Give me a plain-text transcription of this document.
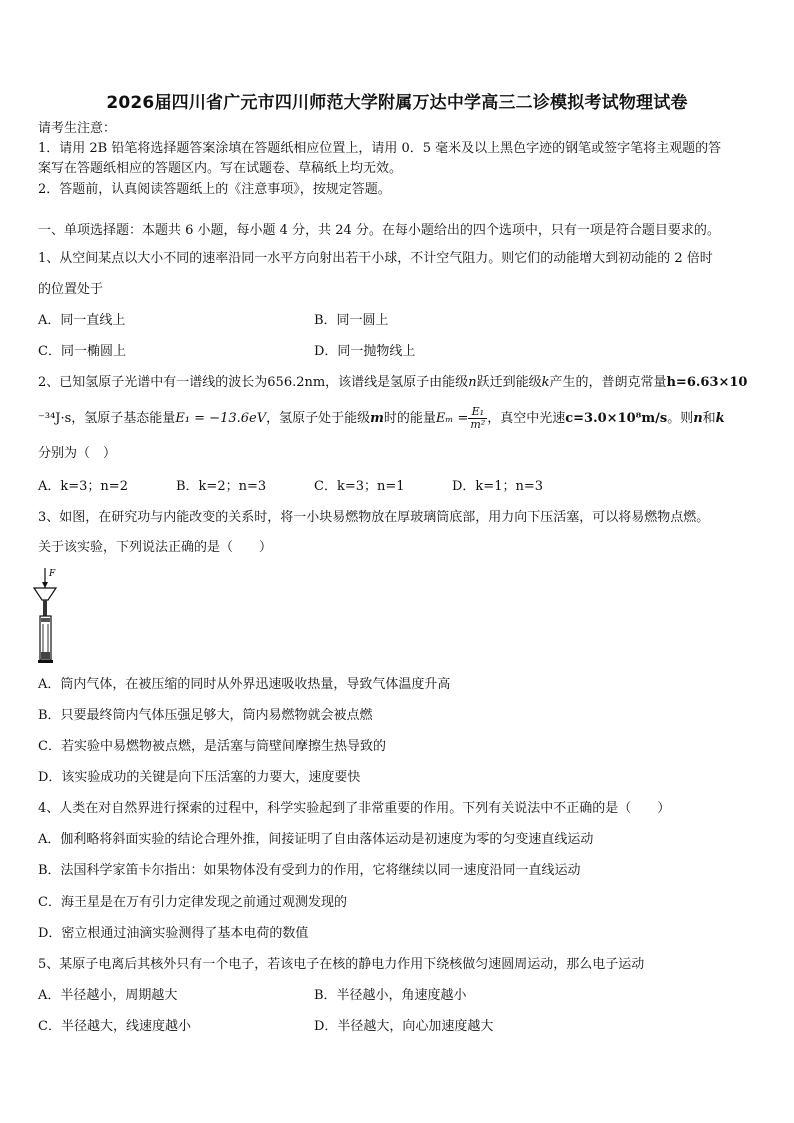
2026届四川省广元市四川师范大学附属万达中学高三二诊模拟考试物理试卷
请考生注意：
1．请用 2B 铅笔将选择题答案涂填在答题纸相应位置上，请用 0．5 毫米及以上黑色字迹的钢笔或签字笔将主观题的答
案写在答题纸相应的答题区内。写在试题卷、草稿纸上均无效。
2．答题前，认真阅读答题纸上的《注意事项》，按规定答题。
一、单项选择题：本题共 6 小题，每小题 4 分，共 24 分。在每小题给出的四个选项中，只有一项是符合题目要求的。
1、从空间某点以大小不同的速率沿同一水平方向射出若干小球，不计空气阻力。则它们的动能增大到初动能的 2 倍时
的位置处于
A．同一直线上	B．同一圆上
C．同一椭圆上	D．同一抛物线上
2、已知氢原子光谱中有一谱线的波长为656.2nm，该谱线是氢原子由能级n跃迁到能级k产生的，普朗克常量h=6.63×10
⁻³⁴J·s，氢原子基态能量E₁ = −13.6eV，氢原子处于能级m时的能量$E_m = \frac{\text{E₁}}{\text{m²}}$ ，真空中光速c=3.0×10⁸m/s。则n和k
分别为（　）
A．k=3；n=2	B．k=2；n=3	C．k=3；n=1	D．k=1；n=3
3、如图，在研究功与内能改变的关系时，将一小块易燃物放在厚玻璃筒底部，用力向下压活塞，可以将易燃物点燃。
关于该实验，下列说法正确的是（　　）
F
A．筒内气体，在被压缩的同时从外界迅速吸收热量，导致气体温度升高
B．只要最终筒内气体压强足够大，筒内易燃物就会被点燃
C．若实验中易燃物被点燃，是活塞与筒壁间摩擦生热导致的
D．该实验成功的关键是向下压活塞的力要大，速度要快
4、人类在对自然界进行探索的过程中，科学实验起到了非常重要的作用。下列有关说法中不正确的是（　　）
A．伽利略将斜面实验的结论合理外推，间接证明了自由落体运动是初速度为零的匀变速直线运动
B．法国科学家笛卡尔指出：如果物体没有受到力的作用，它将继续以同一速度沿同一直线运动
C．海王星是在万有引力定律发现之前通过观测发现的
D．密立根通过油滴实验测得了基本电荷的数值
5、某原子电离后其核外只有一个电子，若该电子在核的静电力作用下绕核做匀速圆周运动，那么电子运动
A．半径越小，周期越大	B．半径越小，角速度越小
C．半径越大，线速度越小	D．半径越大，向心加速度越大
